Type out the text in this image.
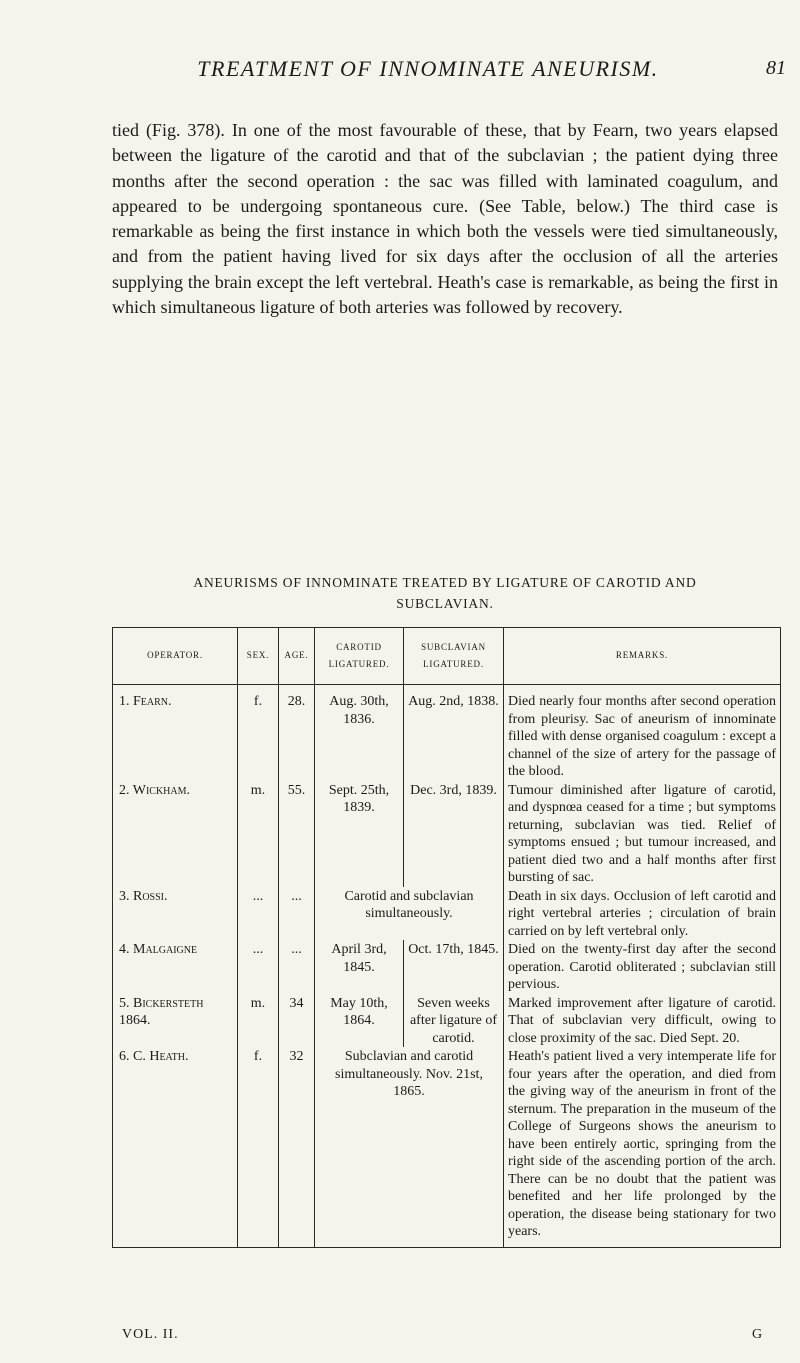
TREATMENT OF INNOMINATE ANEURISM.	81

tied (Fig. 378). In one of the most favourable of these, that by Fearn, two years elapsed between the ligature of the carotid and that of the subclavian ; the patient dying three months after the second operation : the sac was filled with laminated coagulum, and appeared to be undergoing spontaneous cure. (See Table, below.) The third case is remarkable as being the first instance in which both the vessels were tied simultaneously, and from the patient having lived for six days after the occlusion of all the arteries supplying the brain except the left vertebral. Heath's case is remarkable, as being the first in which simultaneous ligature of both arteries was followed by recovery.

ANEURISMS OF INNOMINATE TREATED BY LIGATURE OF CAROTID AND
SUBCLAVIAN.
OPERATOR.	SEX.	AGE.	CAROTID LIGATURED.	SUBCLAVIAN LIGATURED.	REMARKS.
1. Fearn.	f.	28.	Aug. 30th, 1836.	Aug. 2nd, 1838.	Died nearly four months after second operation from pleurisy. Sac of aneurism of innominate filled with dense organised coagulum : except a channel of the size of artery for the passage of the blood.
2. Wickham.	m.	55.	Sept. 25th, 1839.	Dec. 3rd, 1839.	Tumour diminished after ligature of carotid, and dyspnœa ceased for a time ; but symptoms returning, subclavian was tied. Relief of symptoms ensued ; but tumour increased, and patient died two and a half months after first bursting of sac.
3. Rossi.	...	...	Carotid and subclavian simultaneously.		Death in six days. Occlusion of left carotid and right vertebral arteries ; circulation of brain carried on by left vertebral only.
4. Malgaigne	...	...	April 3rd, 1845.	Oct. 17th, 1845.	Died on the twenty-first day after the second operation. Carotid obliterated ; subclavian still pervious.
5. Bickersteth 1864.	m.	34	May 10th, 1864.	Seven weeks after ligature of carotid.	Marked improvement after ligature of carotid. That of subclavian very difficult, owing to close proximity of the sac. Died Sept. 20.
6. C. Heath.	f.	32	Subclavian and carotid simultaneously. Nov. 21st, 1865.		Heath's patient lived a very intemperate life for four years after the operation, and died from the giving way of the aneurism in front of the sternum. The preparation in the museum of the College of Surgeons shows the aneurism to have been entirely aortic, springing from the right side of the ascending portion of the arch. There can be no doubt that the patient was benefited and her life prolonged by the operation, the disease being stationary for two years.
VOL. II.	G
